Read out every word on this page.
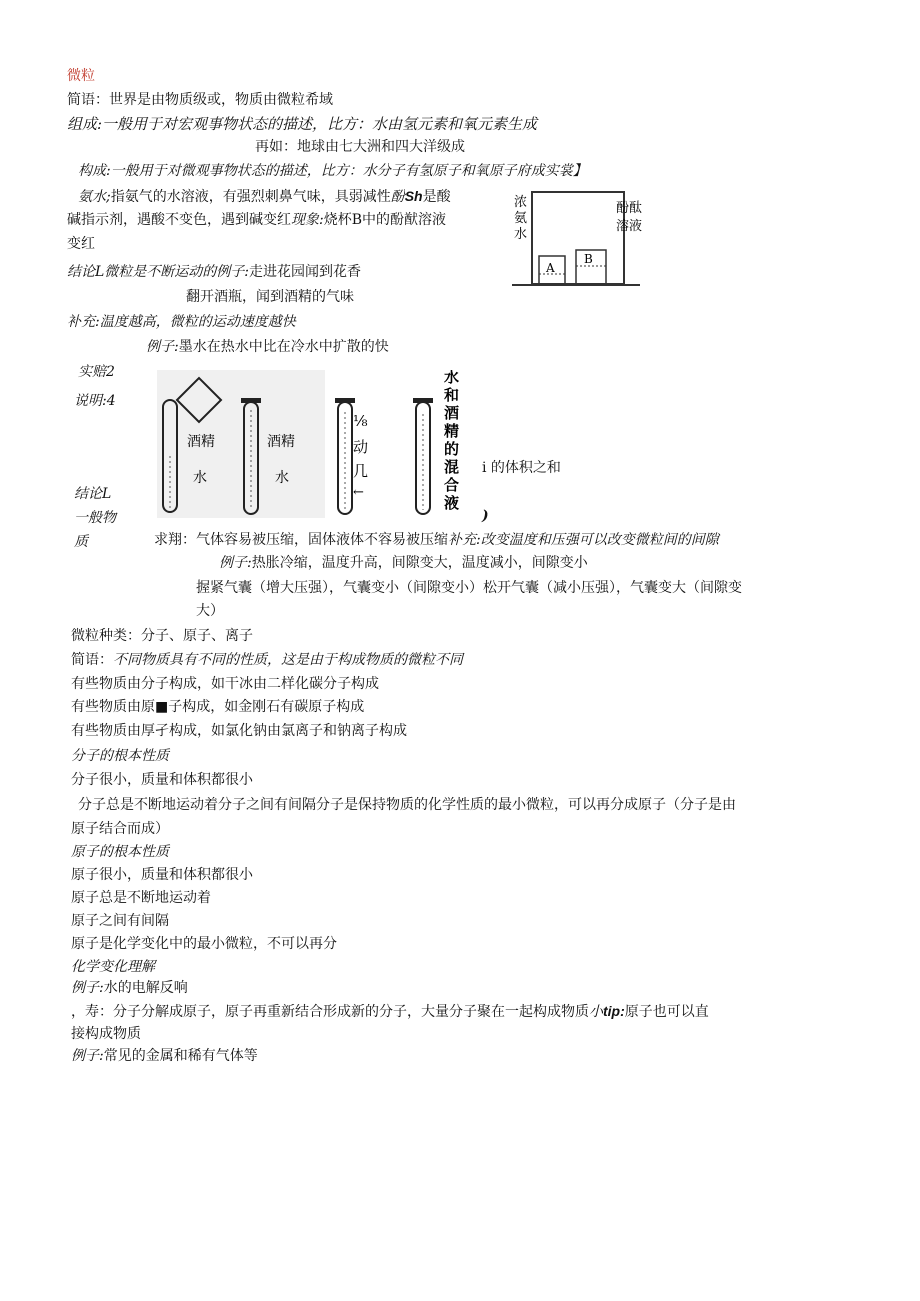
微粒
简语：世界是由物质级或，物质由微粒希域
组成:一般用于对宏观事物状态的描述，比方：水由氢元素和氧元素生成
再如：地球由七大洲和四大洋级成
构成:一般用于对微观事物状态的描述，比方：水分子有氢原子和氧原子府成实裳】
氨水;指氨气的水溶液，有强烈刺鼻气味，具弱减性酚Sh是酸
碱指示剂，遇酸不变色，遇到碱变红现象:烧杯B中的酚猷溶液
变红
结论L微粒是不断运动的例子:走进花园闻到花香
翻开酒瓶，闻到酒精的气味
补充:温度越高，微粒的运动速度越快
例子:墨水在热水中比在冷水中扩散的快
浓
氨
水
酚酞
溶液
A
B
实赔2
说明:4
结论L
一般物
质
酒精
水
酒精
水
⅛
动
几
←
水
和
酒
精
的
混
合
液
i 的体积之和
)
求翔：气体容易被压缩，固体液体不容易被压缩补充:改变温度和压强可以改变微粒间的间隙
例子:热胀冷缩，温度升高，间隙变大，温度减小，间隙变小
握紧气囊（增大压强），气囊变小（间隙变小）松开气囊（减小压强），气囊变大（间隙变
大）
微粒种类：分子、原子、离子
简语：不同物质具有不同的性质，这是由于构成物质的微粒不同
有些物质由分子构成，如干冰由二样化碳分子构成
有些物质由原■子构成，如金刚石有碳原子构成
有些物质由厚孑构成，如氯化钠由氯离子和钠离子构成
分子的根本性质
分子很小，质量和体积都很小
分子总是不断地运动着分子之间有间隔分子是保持物质的化学性质的最小微粒，可以再分成原子（分子是由
原子结合而成）
原子的根本性质
原子很小，质量和体积都很小
原子总是不断地运动着
原子之间有间隔
原子是化学变化中的最小微粒，不可以再分
化学变化理解
例子:水的电解反响
，寿：分子分解成原子，原子再重新结合形成新的分子，大量分子聚在一起构成物质小tip:原子也可以直
接构成物质
例子:常见的金属和稀有气体等
